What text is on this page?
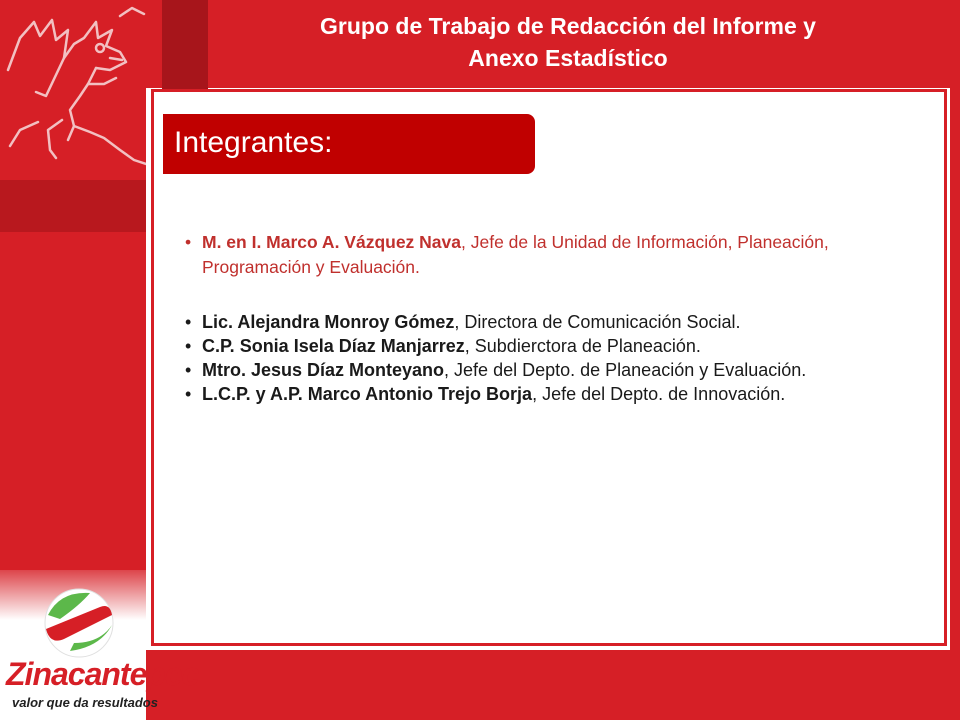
Grupo de Trabajo de Redacción del Informe y
Anexo Estadístico
Integrantes:
• M. en I. Marco A. Vázquez Nava, Jefe de la Unidad de Información, Planeación, Programación y Evaluación.
• Lic. Alejandra Monroy Gómez, Directora de Comunicación Social.
• C.P. Sonia Isela Díaz Manjarrez, Subdierctora de Planeación.
• Mtro. Jesus Díaz Monteyano, Jefe del Depto. de Planeación y Evaluación.
• L.C.P. y A.P. Marco Antonio Trejo Borja, Jefe del Depto. de Innovación.
Zinacantepec
valor que da resultados
